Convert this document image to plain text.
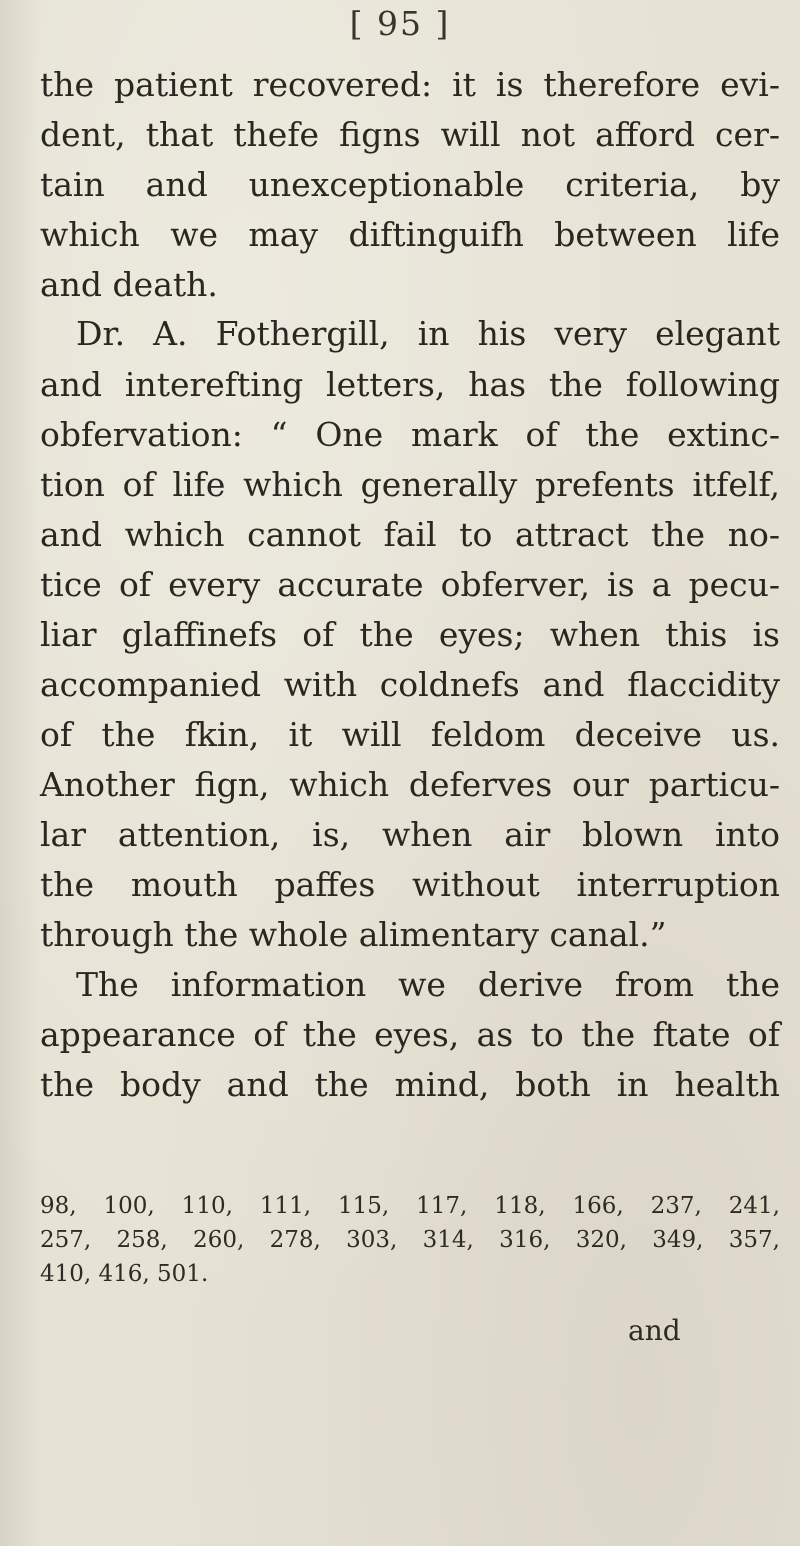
[ 95 ]
the patient recovered: it is therefore evi-
dent, that thefe figns will not afford cer-
tain and unexceptionable criteria, by
which we may diftinguifh between life
and death.
Dr. A. Fothergill, in his very elegant
and interefting letters, has the following
obfervation: “ One mark of the extinc-
tion of life which generally prefents itfelf,
and which cannot fail to attract the no-
tice of every accurate obferver, is a pecu-
liar glaffinefs of the eyes; when this is
accompanied with coldnefs and flaccidity
of the fkin, it will feldom deceive us.
Another fign, which deferves our particu-
lar attention, is, when air blown into
the mouth paffes without interruption
through the whole alimentary canal.”
The information we derive from the
appearance of the eyes, as to the ftate of
the body and the mind, both in health
98, 100, 110, 111, 115, 117, 118, 166, 237, 241,
257, 258, 260, 278, 303, 314, 316, 320, 349, 357,
410, 416, 501.
and
